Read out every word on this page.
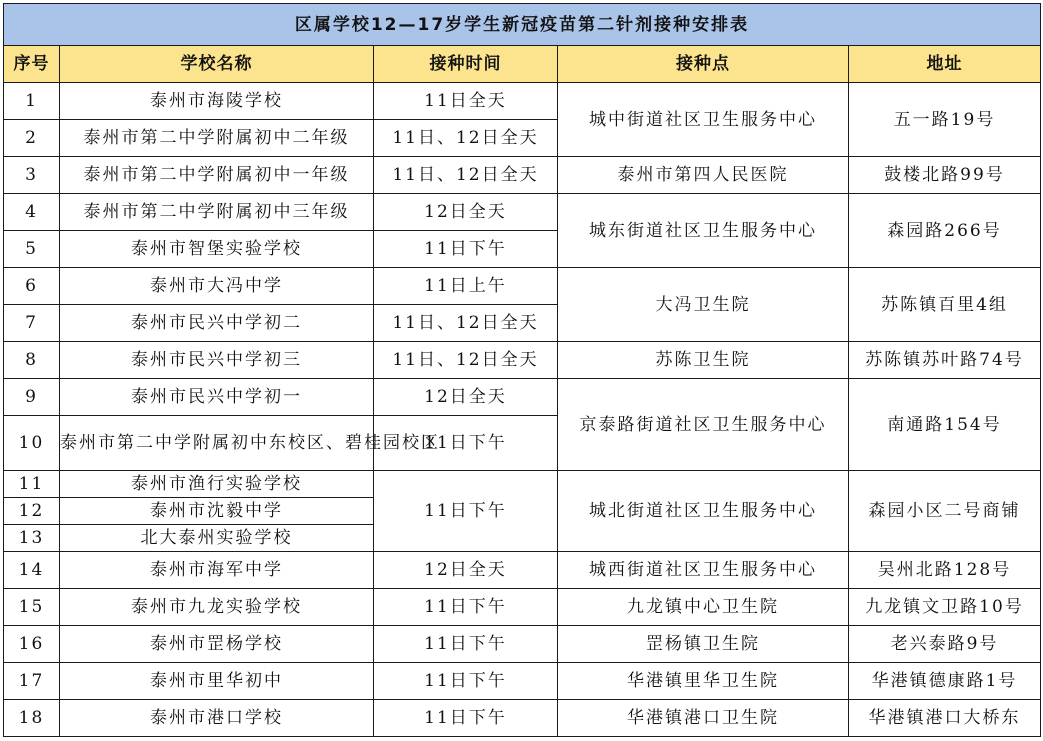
区属学校12—17岁学生新冠疫苗第二针剂接种安排表				
序号	学校名称	接种时间	接种点	地址
1	泰州市海陵学校	11日全天	城中街道社区卫生服务中心	五一路19号
2	泰州市第二中学附属初中二年级	11日、12日全天		
3	泰州市第二中学附属初中一年级	11日、12日全天	泰州市第四人民医院	鼓楼北路99号
4	泰州市第二中学附属初中三年级	12日全天	城东街道社区卫生服务中心	森园路266号
5	泰州市智堡实验学校	11日下午		
6	泰州市大冯中学	11日上午	大冯卫生院	苏陈镇百里4组
7	泰州市民兴中学初二	11日、12日全天		
8	泰州市民兴中学初三	11日、12日全天	苏陈卫生院	苏陈镇苏叶路74号
9	泰州市民兴中学初一	12日全天	京泰路街道社区卫生服务中心	南通路154号
10	泰州市第二中学附属初中东校区、碧桂园校区	11日下午		
11	泰州市渔行实验学校	11日下午	城北街道社区卫生服务中心	森园小区二号商铺
12	泰州市沈毅中学			
13	北大泰州实验学校			
14	泰州市海军中学	12日全天	城西街道社区卫生服务中心	吴州北路128号
15	泰州市九龙实验学校	11日下午	九龙镇中心卫生院	九龙镇文卫路10号
16	泰州市罡杨学校	11日下午	罡杨镇卫生院	老兴泰路9号
17	泰州市里华初中	11日下午	华港镇里华卫生院	华港镇德康路1号
18	泰州市港口学校	11日下午	华港镇港口卫生院	华港镇港口大桥东
